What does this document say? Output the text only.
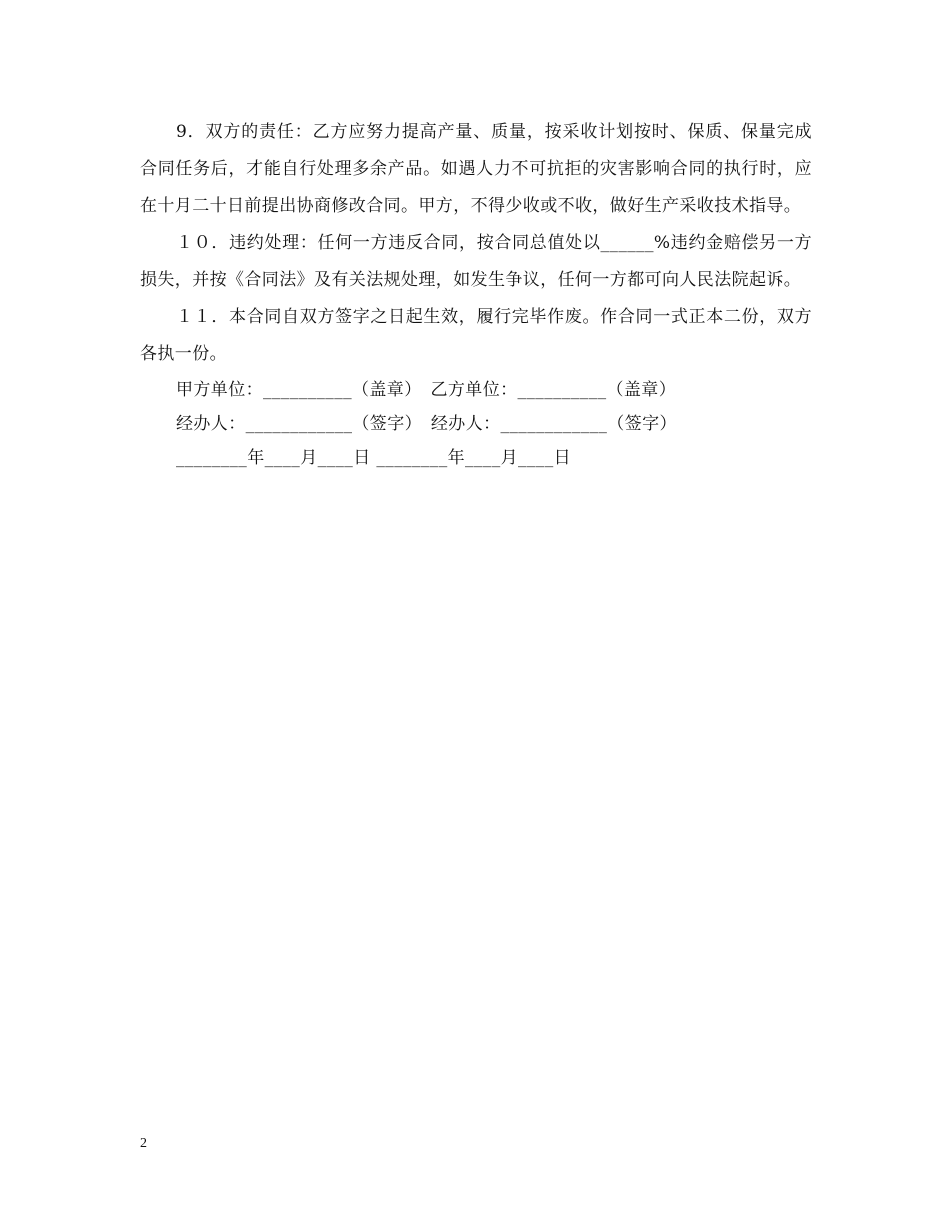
9．双方的责任：乙方应努力提高产量、质量，按采收计划按时、保质、保量完成合同任务后，才能自行处理多余产品。如遇人力不可抗拒的灾害影响合同的执行时，应在十月二十日前提出协商修改合同。甲方，不得少收或不收，做好生产采收技术指导。

１０．违约处理：任何一方违反合同，按合同总值处以______%违约金赔偿另一方损失，并按《合同法》及有关法规处理，如发生争议，任何一方都可向人民法院起诉。

１１．本合同自双方签字之日起生效，履行完毕作废。作合同一式正本二份，双方各执一份。

甲方单位：__________（盖章）　乙方单位：__________（盖章）

经办人：____________（签字）　经办人：____________（签字）

________年____月____日 ________年____月____日

2
